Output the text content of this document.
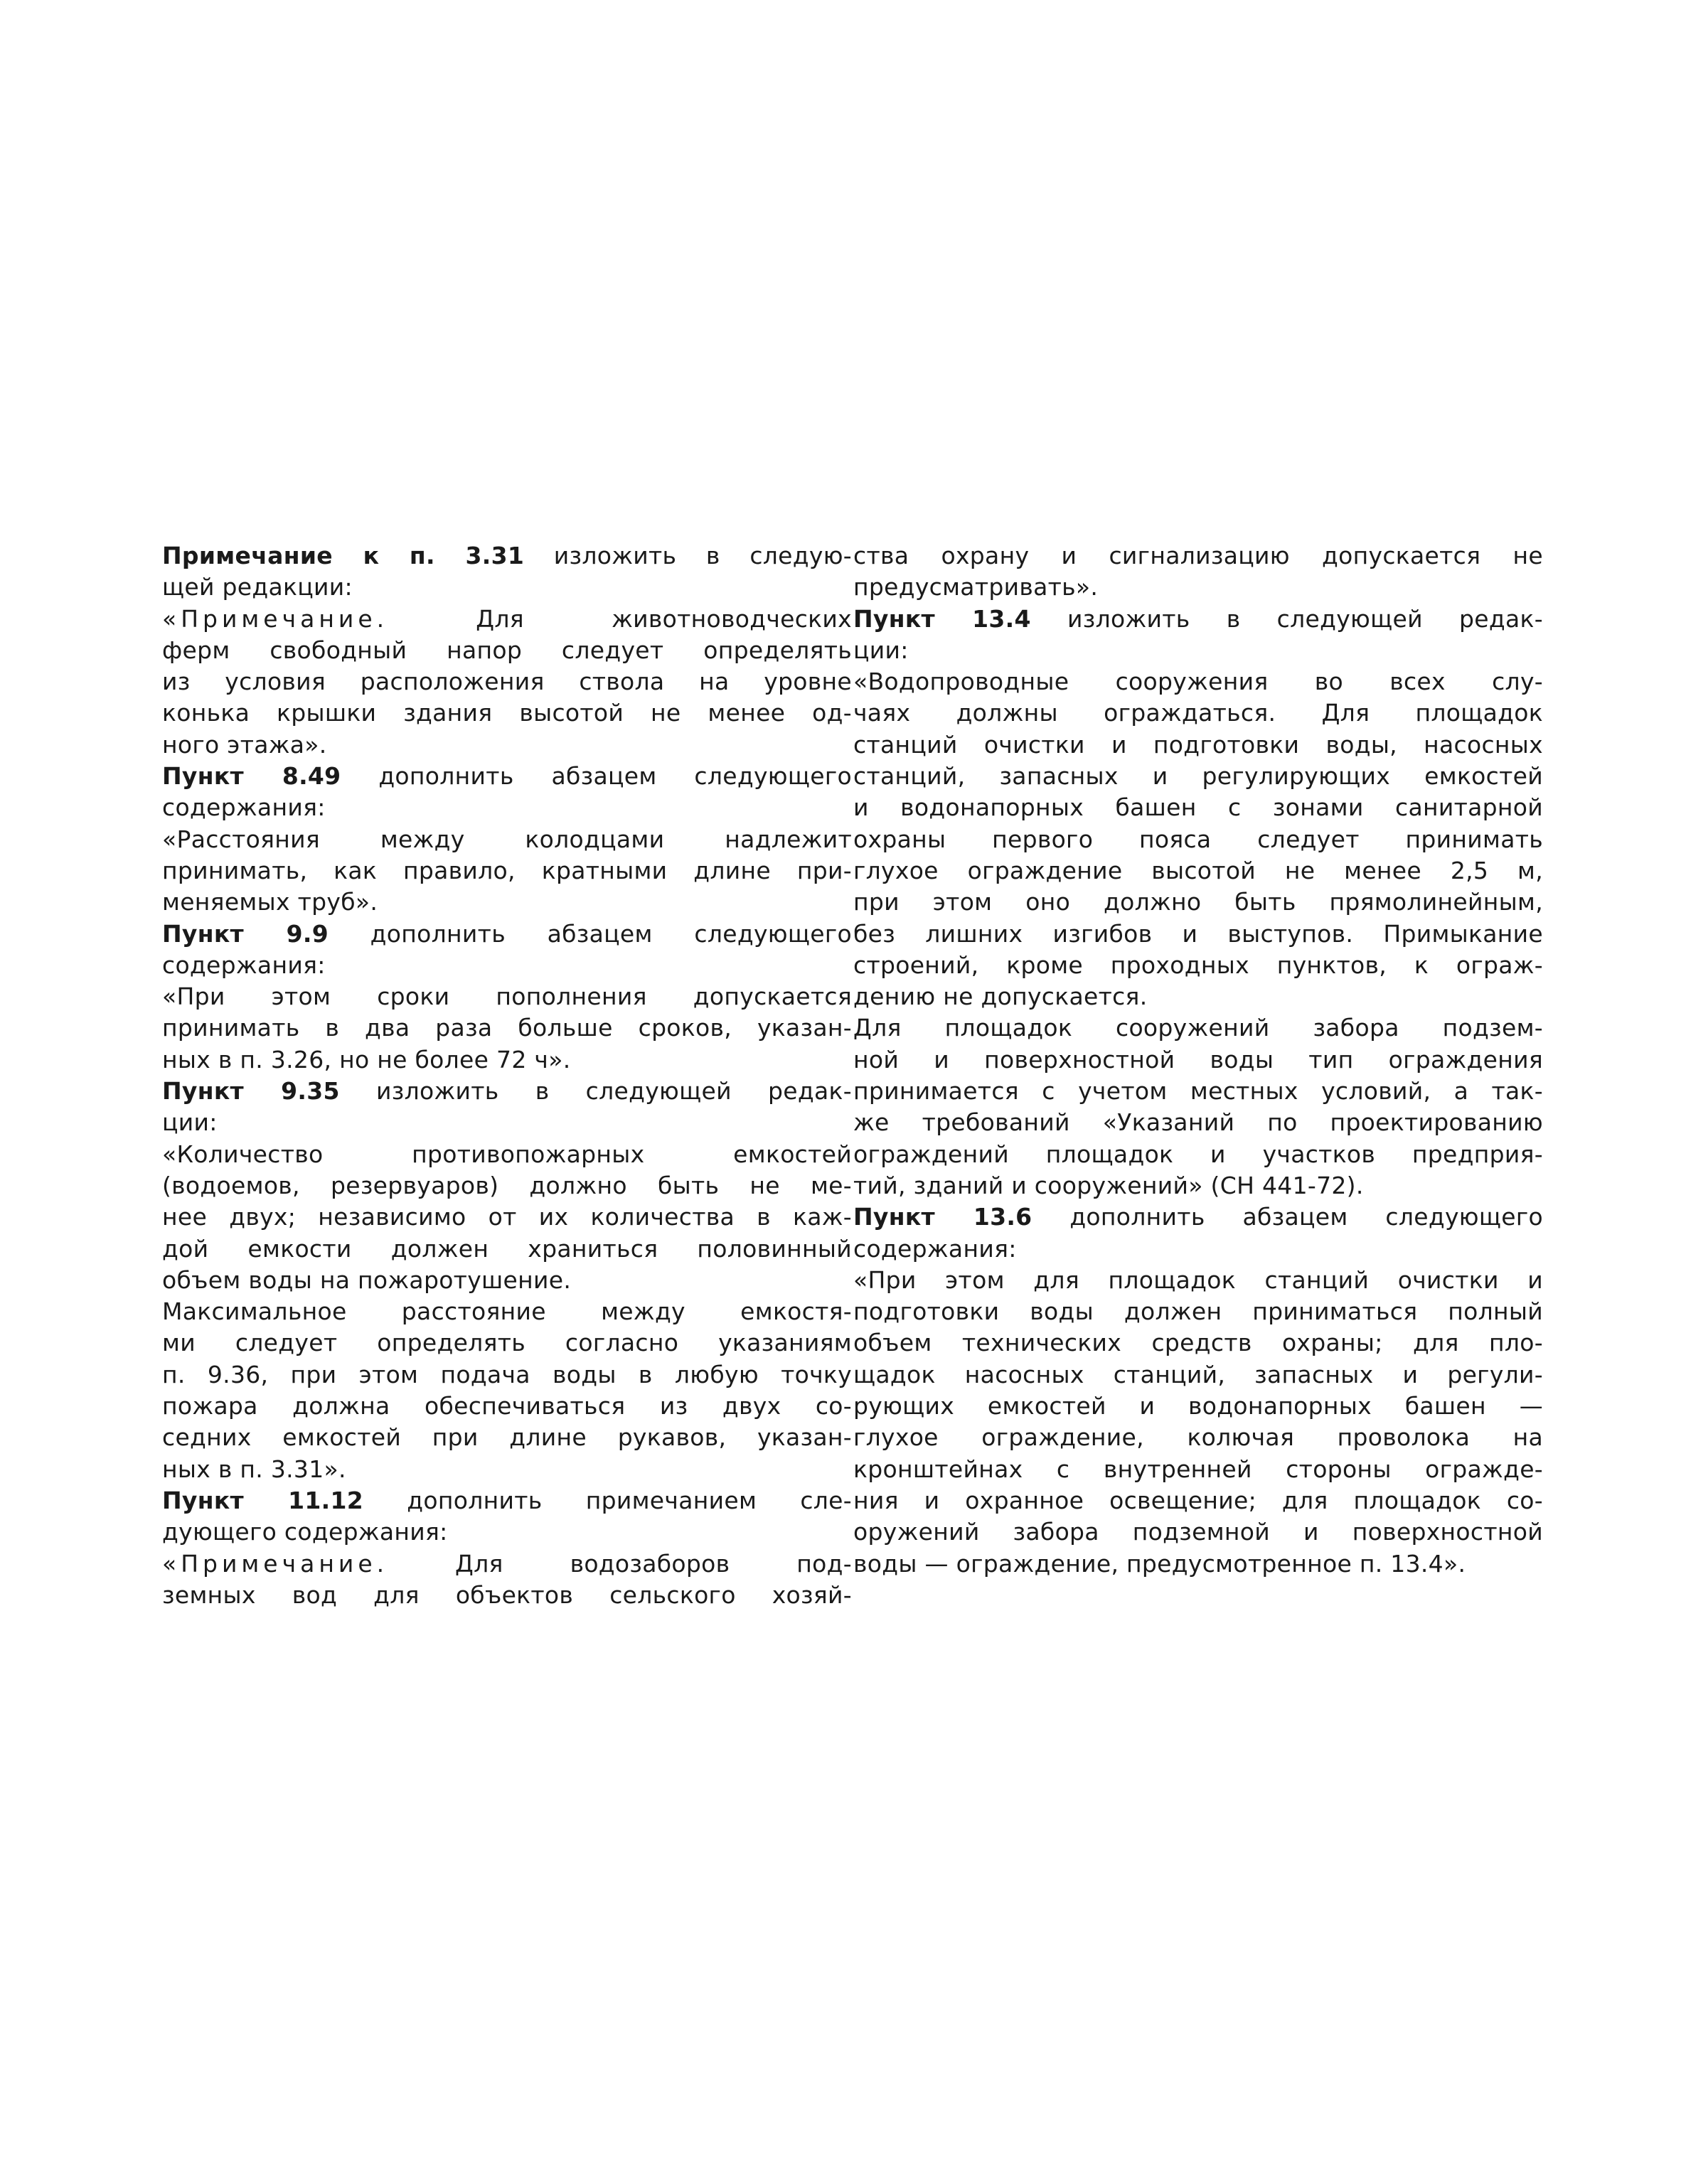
Примечание к п. 3.31 изложить в следую-
щей редакции:
«Примечание. Для животноводческих
ферм свободный напор следует определять
из условия расположения ствола на уровне
конька крышки здания высотой не менее од-
ного этажа».
Пункт 8.49 дополнить абзацем следующего
содержания:
«Расстояния между колодцами надлежит
принимать, как правило, кратными длине при-
меняемых труб».
Пункт 9.9 дополнить абзацем следующего
содержания:
«При этом сроки пополнения допускается
принимать в два раза больше сроков, указан-
ных в п. 3.26, но не более 72 ч».
Пункт 9.35 изложить в следующей редак-
ции:
«Количество противопожарных емкостей
(водоемов, резервуаров) должно быть не ме-
нее двух; независимо от их количества в каж-
дой емкости должен храниться половинный
объем воды на пожаротушение.
Максимальное расстояние между емкостя-
ми следует определять согласно указаниям
п. 9.36, при этом подача воды в любую точку
пожара должна обеспечиваться из двух со-
седних емкостей при длине рукавов, указан-
ных в п. 3.31».
Пункт 11.12 дополнить примечанием сле-
дующего содержания:
«Примечание. Для водозаборов под-
земных вод для объектов сельского хозяй-
ства охрану и сигнализацию допускается не
предусматривать».
Пункт 13.4 изложить в следующей редак-
ции:
«Водопроводные сооружения во всех слу-
чаях должны ограждаться. Для площадок
станций очистки и подготовки воды, насосных
станций, запасных и регулирующих емкостей
и водонапорных башен с зонами санитарной
охраны первого пояса следует принимать
глухое ограждение высотой не менее 2,5 м,
при этом оно должно быть прямолинейным,
без лишних изгибов и выступов. Примыкание
строений, кроме проходных пунктов, к ограж-
дению не допускается.
Для площадок сооружений забора подзем-
ной и поверхностной воды тип ограждения
принимается с учетом местных условий, а так-
же требований «Указаний по проектированию
ограждений площадок и участков предприя-
тий, зданий и сооружений» (СН 441-72).
Пункт 13.6 дополнить абзацем следующего
содержания:
«При этом для площадок станций очистки и
подготовки воды должен приниматься полный
объем технических средств охраны; для пло-
щадок насосных станций, запасных и регули-
рующих емкостей и водонапорных башен —
глухое ограждение, колючая проволока на
кронштейнах с внутренней стороны огражде-
ния и охранное освещение; для площадок со-
оружений забора подземной и поверхностной
воды — ограждение, предусмотренное п. 13.4».
